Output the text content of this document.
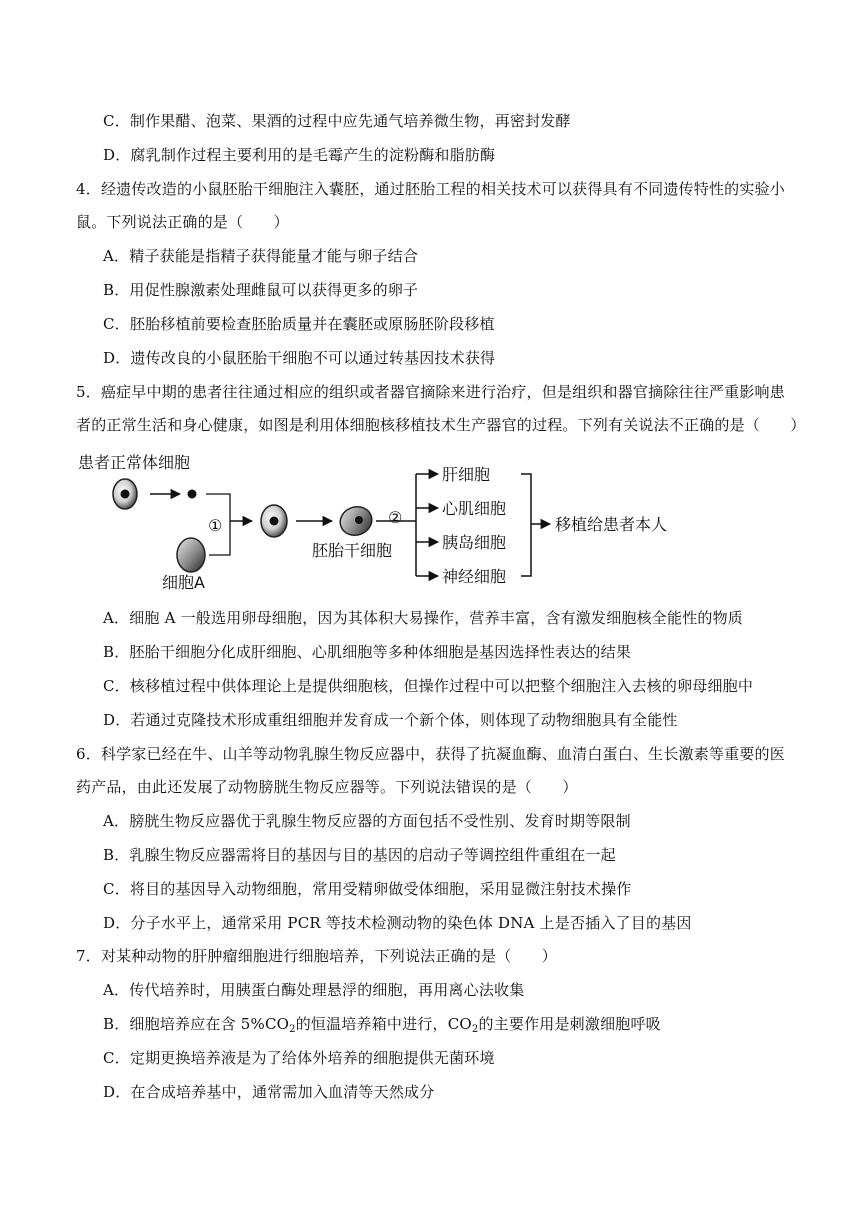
C．制作果醋、泡菜、果酒的过程中应先通气培养微生物，再密封发酵
D．腐乳制作过程主要利用的是毛霉产生的淀粉酶和脂肪酶
4．经遗传改造的小鼠胚胎干细胞注入囊胚，通过胚胎工程的相关技术可以获得具有不同遗传特性的实验小
鼠。下列说法正确的是（　　）
A．精子获能是指精子获得能量才能与卵子结合
B．用促性腺激素处理雌鼠可以获得更多的卵子
C．胚胎移植前要检查胚胎质量并在囊胚或原肠胚阶段移植
D．遗传改良的小鼠胚胎干细胞不可以通过转基因技术获得
5．癌症早中期的患者往往通过相应的组织或者器官摘除来进行治疗，但是组织和器官摘除往往严重影响患
者的正常生活和身心健康，如图是利用体细胞核移植技术生产器官的过程。下列有关说法不正确的是（　　）
患者正常体细胞
细胞A
①
胚胎干细胞
②
肝细胞
心肌细胞
胰岛细胞
神经细胞
移植给患者本人
A．细胞 A 一般选用卵母细胞，因为其体积大易操作，营养丰富，含有激发细胞核全能性的物质
B．胚胎干细胞分化成肝细胞、心肌细胞等多种体细胞是基因选择性表达的结果
C．核移植过程中供体理论上是提供细胞核，但操作过程中可以把整个细胞注入去核的卵母细胞中
D．若通过克隆技术形成重组细胞并发育成一个新个体，则体现了动物细胞具有全能性
6．科学家已经在牛、山羊等动物乳腺生物反应器中，获得了抗凝血酶、血清白蛋白、生长激素等重要的医
药产品，由此还发展了动物膀胱生物反应器等。下列说法错误的是（　　）
A．膀胱生物反应器优于乳腺生物反应器的方面包括不受性别、发育时期等限制
B．乳腺生物反应器需将目的基因与目的基因的启动子等调控组件重组在一起
C．将目的基因导入动物细胞，常用受精卵做受体细胞，采用显微注射技术操作
D．分子水平上，通常采用 PCR 等技术检测动物的染色体 DNA 上是否插入了目的基因
7．对某种动物的肝肿瘤细胞进行细胞培养，下列说法正确的是（　　）
A．传代培养时，用胰蛋白酶处理悬浮的细胞，再用离心法收集
B．细胞培养应在含 $5\%CO_2$的恒温培养箱中进行，$CO_2$的主要作用是刺激细胞呼吸
C．定期更换培养液是为了给体外培养的细胞提供无菌环境
D．在合成培养基中，通常需加入血清等天然成分
